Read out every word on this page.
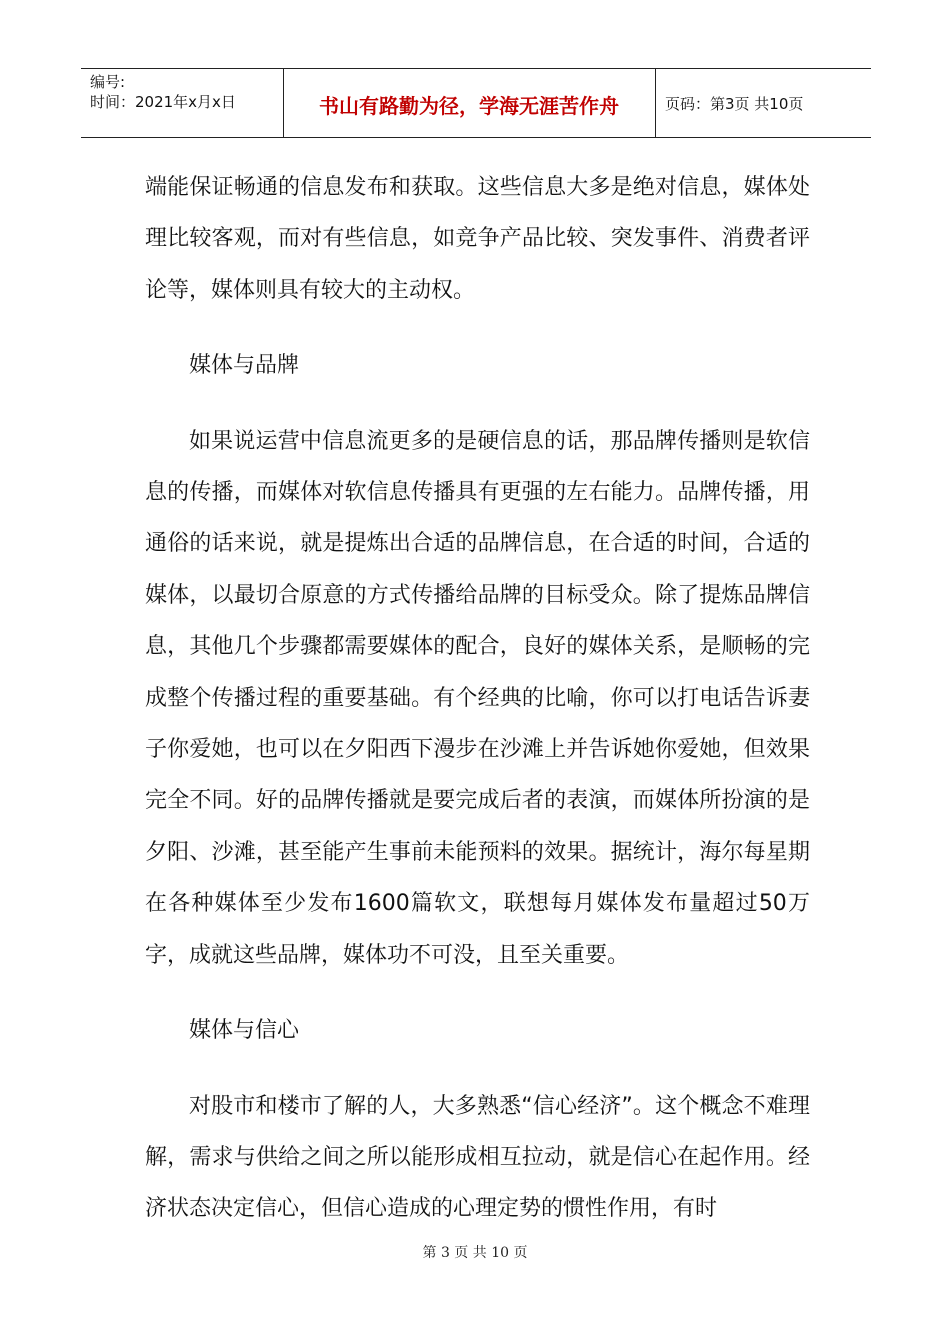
编号:
时间：2021年x月x日	书山有路勤为径，学海无涯苦作舟	页码：第3页 共10页

端能保证畅通的信息发布和获取。这些信息大多是绝对信息，媒体处理比较客观，而对有些信息，如竞争产品比较、突发事件、消费者评论等，媒体则具有较大的主动权。

媒体与品牌

如果说运营中信息流更多的是硬信息的话，那品牌传播则是软信息的传播，而媒体对软信息传播具有更强的左右能力。品牌传播，用通俗的话来说，就是提炼出合适的品牌信息，在合适的时间，合适的媒体，以最切合原意的方式传播给品牌的目标受众。除了提炼品牌信息，其他几个步骤都需要媒体的配合，良好的媒体关系，是顺畅的完成整个传播过程的重要基础。有个经典的比喻，你可以打电话告诉妻子你爱她，也可以在夕阳西下漫步在沙滩上并告诉她你爱她，但效果完全不同。好的品牌传播就是要完成后者的表演，而媒体所扮演的是夕阳、沙滩，甚至能产生事前未能预料的效果。据统计，海尔每星期在各种媒体至少发布1600篇软文，联想每月媒体发布量超过50万字，成就这些品牌，媒体功不可没，且至关重要。

媒体与信心

对股市和楼市了解的人，大多熟悉“信心经济”。这个概念不难理解，需求与供给之间之所以能形成相互拉动，就是信心在起作用。经济状态决定信心，但信心造成的心理定势的惯性作用，有时

第 3 页 共 10 页
